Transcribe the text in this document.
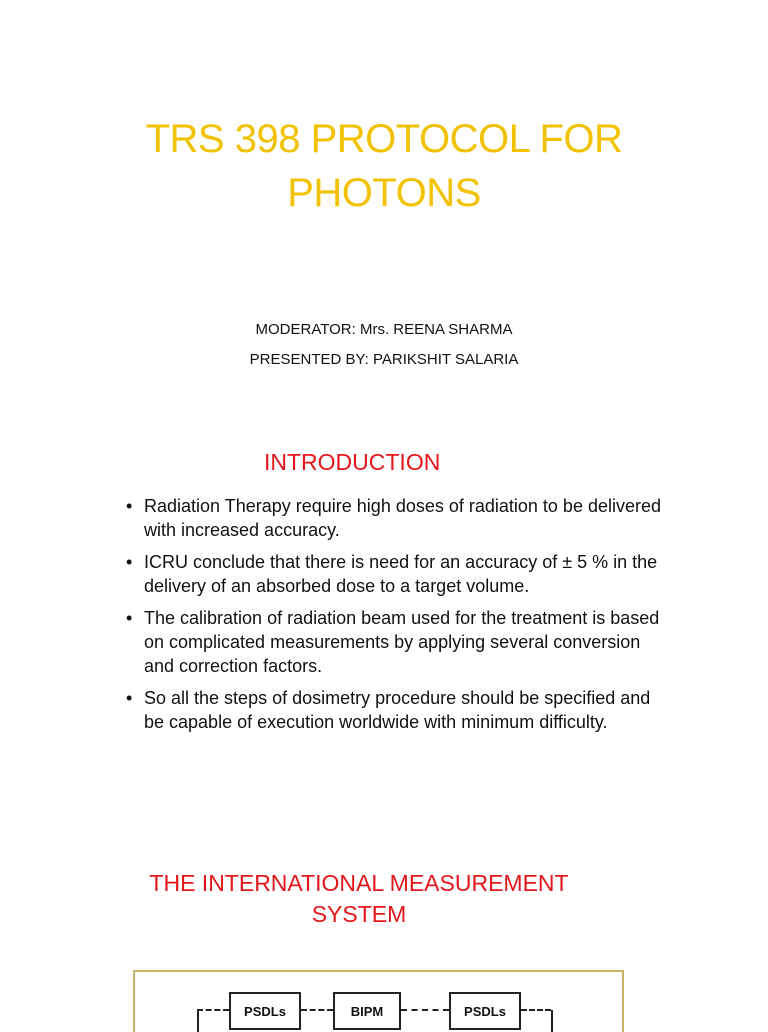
TRS 398 PROTOCOL FOR
PHOTONS
MODERATOR: Mrs. REENA SHARMA
PRESENTED BY: PARIKSHIT SALARIA
INTRODUCTION
• Radiation Therapy require high doses of radiation to be delivered with increased accuracy.
• ICRU conclude that there is need for an accuracy of ± 5 % in the delivery of an absorbed dose to a target volume.
• The calibration of radiation beam used for the treatment is based on complicated measurements by applying several conversion and correction factors.
• So all the steps of dosimetry procedure should be specified and be capable of execution worldwide with minimum difficulty.
THE INTERNATIONAL MEASUREMENT
SYSTEM
PSDLs	BIPM	PSDLs
